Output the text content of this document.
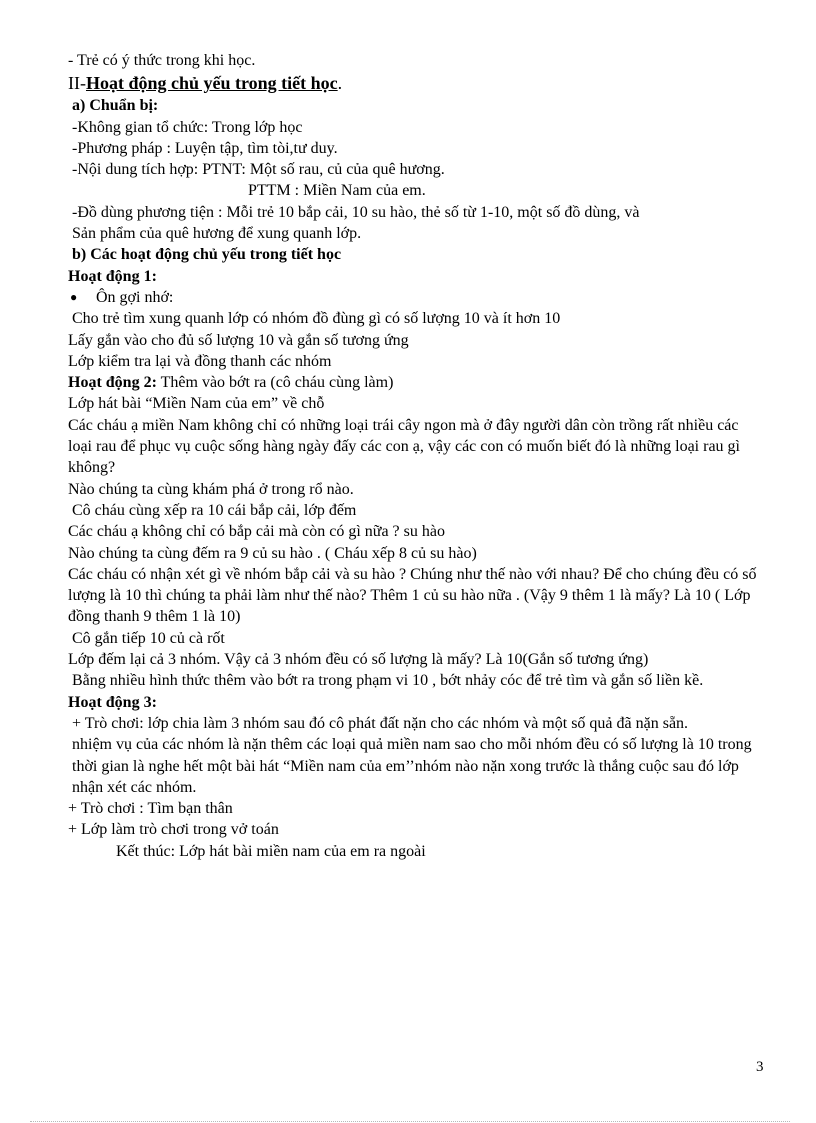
- Trẻ có ý thức trong khi học.
II-Hoạt động chủ yếu trong tiết học.
a) Chuẩn bị:
-Không gian tổ chức: Trong lớp học
-Phương pháp : Luyện tập, tìm tòi,tư duy.
-Nội dung tích hợp: PTNT: Một số rau, củ của quê hương.
PTTM : Miền Nam của em.
-Đồ dùng phương tiện : Mỗi trẻ 10 bắp cải, 10 su hào, thẻ số từ 1-10, một số đồ dùng, và
Sản phẩm của quê hương để xung quanh lớp.
b) Các hoạt động chủ yếu trong tiết học
Hoạt động 1:
●	Ôn gợi nhớ:
Cho trẻ tìm xung quanh lớp có nhóm đồ đùng gì có số lượng 10 và ít hơn 10
Lấy gắn vào cho đủ số lượng 10 và gắn số tương ứng
Lớp kiểm tra lại và đồng thanh các nhóm
Hoạt động 2: Thêm vào bớt ra (cô cháu cùng làm)
Lớp hát bài “Miền Nam của em” về chỗ
Các cháu ạ miền Nam không chỉ có những loại trái cây ngon mà ở đây người dân còn trồng rất nhiều các loại rau để phục vụ cuộc sống hàng ngày đấy các con ạ, vậy các con có muốn biết đó là những loại rau gì không?
Nào chúng ta cùng khám phá ở trong rổ nào.
Cô cháu cùng xếp ra 10 cái bắp cải, lớp đếm
Các cháu ạ không chỉ có bắp cải mà còn có gì nữa ? su hào
Nào chúng ta cùng đếm ra 9 củ su hào . ( Cháu xếp 8 củ su hào)
Các cháu có nhận xét gì về nhóm bắp cải và su hào ? Chúng như thế nào với nhau? Để cho chúng đều có số lượng là 10 thì chúng ta phải làm như thế nào? Thêm 1 củ su hào nữa . (Vậy 9 thêm 1 là mấy? Là 10 ( Lớp đồng thanh 9 thêm 1 là 10)
Cô gắn tiếp 10 củ cà rốt
Lớp đếm lại cả 3 nhóm. Vậy cả 3 nhóm đều có số lượng là mấy? Là 10(Gắn số tương ứng)
Bằng nhiều hình thức thêm vào bớt ra trong phạm vi 10 , bớt nhảy cóc để trẻ tìm và gắn số liền kề.
Hoạt động 3:
+ Trò chơi: lớp chia làm 3 nhóm sau đó cô phát đất nặn cho các nhóm và một số quả đã nặn sẵn.
nhiệm vụ của các nhóm là nặn thêm các loại quả miền nam sao cho mỗi nhóm đều có số lượng là 10 trong thời gian là nghe hết một bài hát “Miền nam của em’’nhóm nào nặn xong trước là thắng cuộc sau đó lớp nhận xét các nhóm.
+ Trò chơi : Tìm bạn thân
+ Lớp làm trò chơi trong vở toán
Kết thúc: Lớp hát bài miền nam của em ra ngoài
3
